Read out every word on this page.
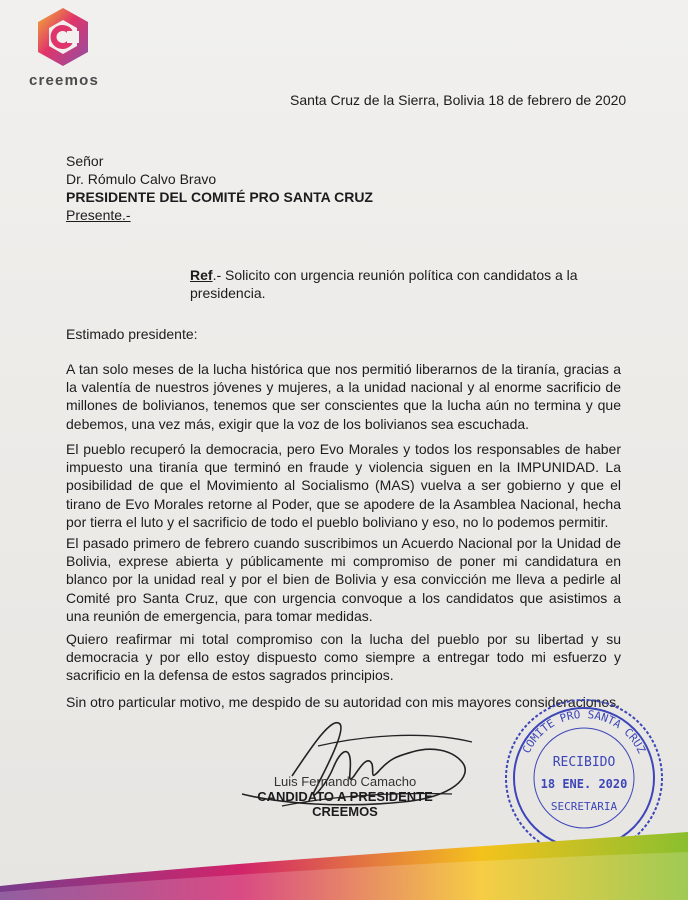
creemos
Santa Cruz de la Sierra, Bolivia 18 de febrero de 2020
Señor
Dr. Rómulo Calvo Bravo
PRESIDENTE DEL COMITÉ PRO SANTA CRUZ
Presente.-
Ref.- Solicito con urgencia reunión política con candidatos a la presidencia.
Estimado presidente:
A tan solo meses de la lucha histórica que nos permitió liberarnos de la tiranía, gracias a la valentía de nuestros jóvenes y mujeres, a la unidad nacional y al enorme sacrificio de millones de bolivianos, tenemos que ser conscientes que la lucha aún no termina y que debemos, una vez más, exigir que la voz de los bolivianos sea escuchada.
El pueblo recuperó la democracia, pero Evo Morales y todos los responsables de haber impuesto una tiranía que terminó en fraude y violencia siguen en la IMPUNIDAD. La posibilidad de que el Movimiento al Socialismo (MAS) vuelva a ser gobierno y que el tirano de Evo Morales retorne al Poder, que se apodere de la Asamblea Nacional, hecha por tierra el luto y el sacrificio de todo el pueblo boliviano y eso, no lo podemos permitir.
El pasado primero de febrero cuando suscribimos un Acuerdo Nacional por la Unidad de Bolivia, exprese abierta y públicamente mi compromiso de poner mi candidatura en blanco por la unidad real y por el bien de Bolivia y esa convicción me lleva a pedirle al Comité pro Santa Cruz, que con urgencia convoque a los candidatos que asistimos a una reunión de emergencia, para tomar medidas.
Quiero reafirmar mi total compromiso con la lucha del pueblo por su libertad y su democracia y por ello estoy dispuesto como siempre a entregar todo mi esfuerzo y sacrificio en la defensa de estos sagrados principios.
Sin otro particular motivo, me despido de su autoridad con mis mayores consideraciones.
Luis Fernando Camacho
CANDIDATO A PRESIDENTE
CREEMOS
COMITE PRO SANTA CRUZ
RECIBIDO
18 ENE. 2020
SECRETARIA
